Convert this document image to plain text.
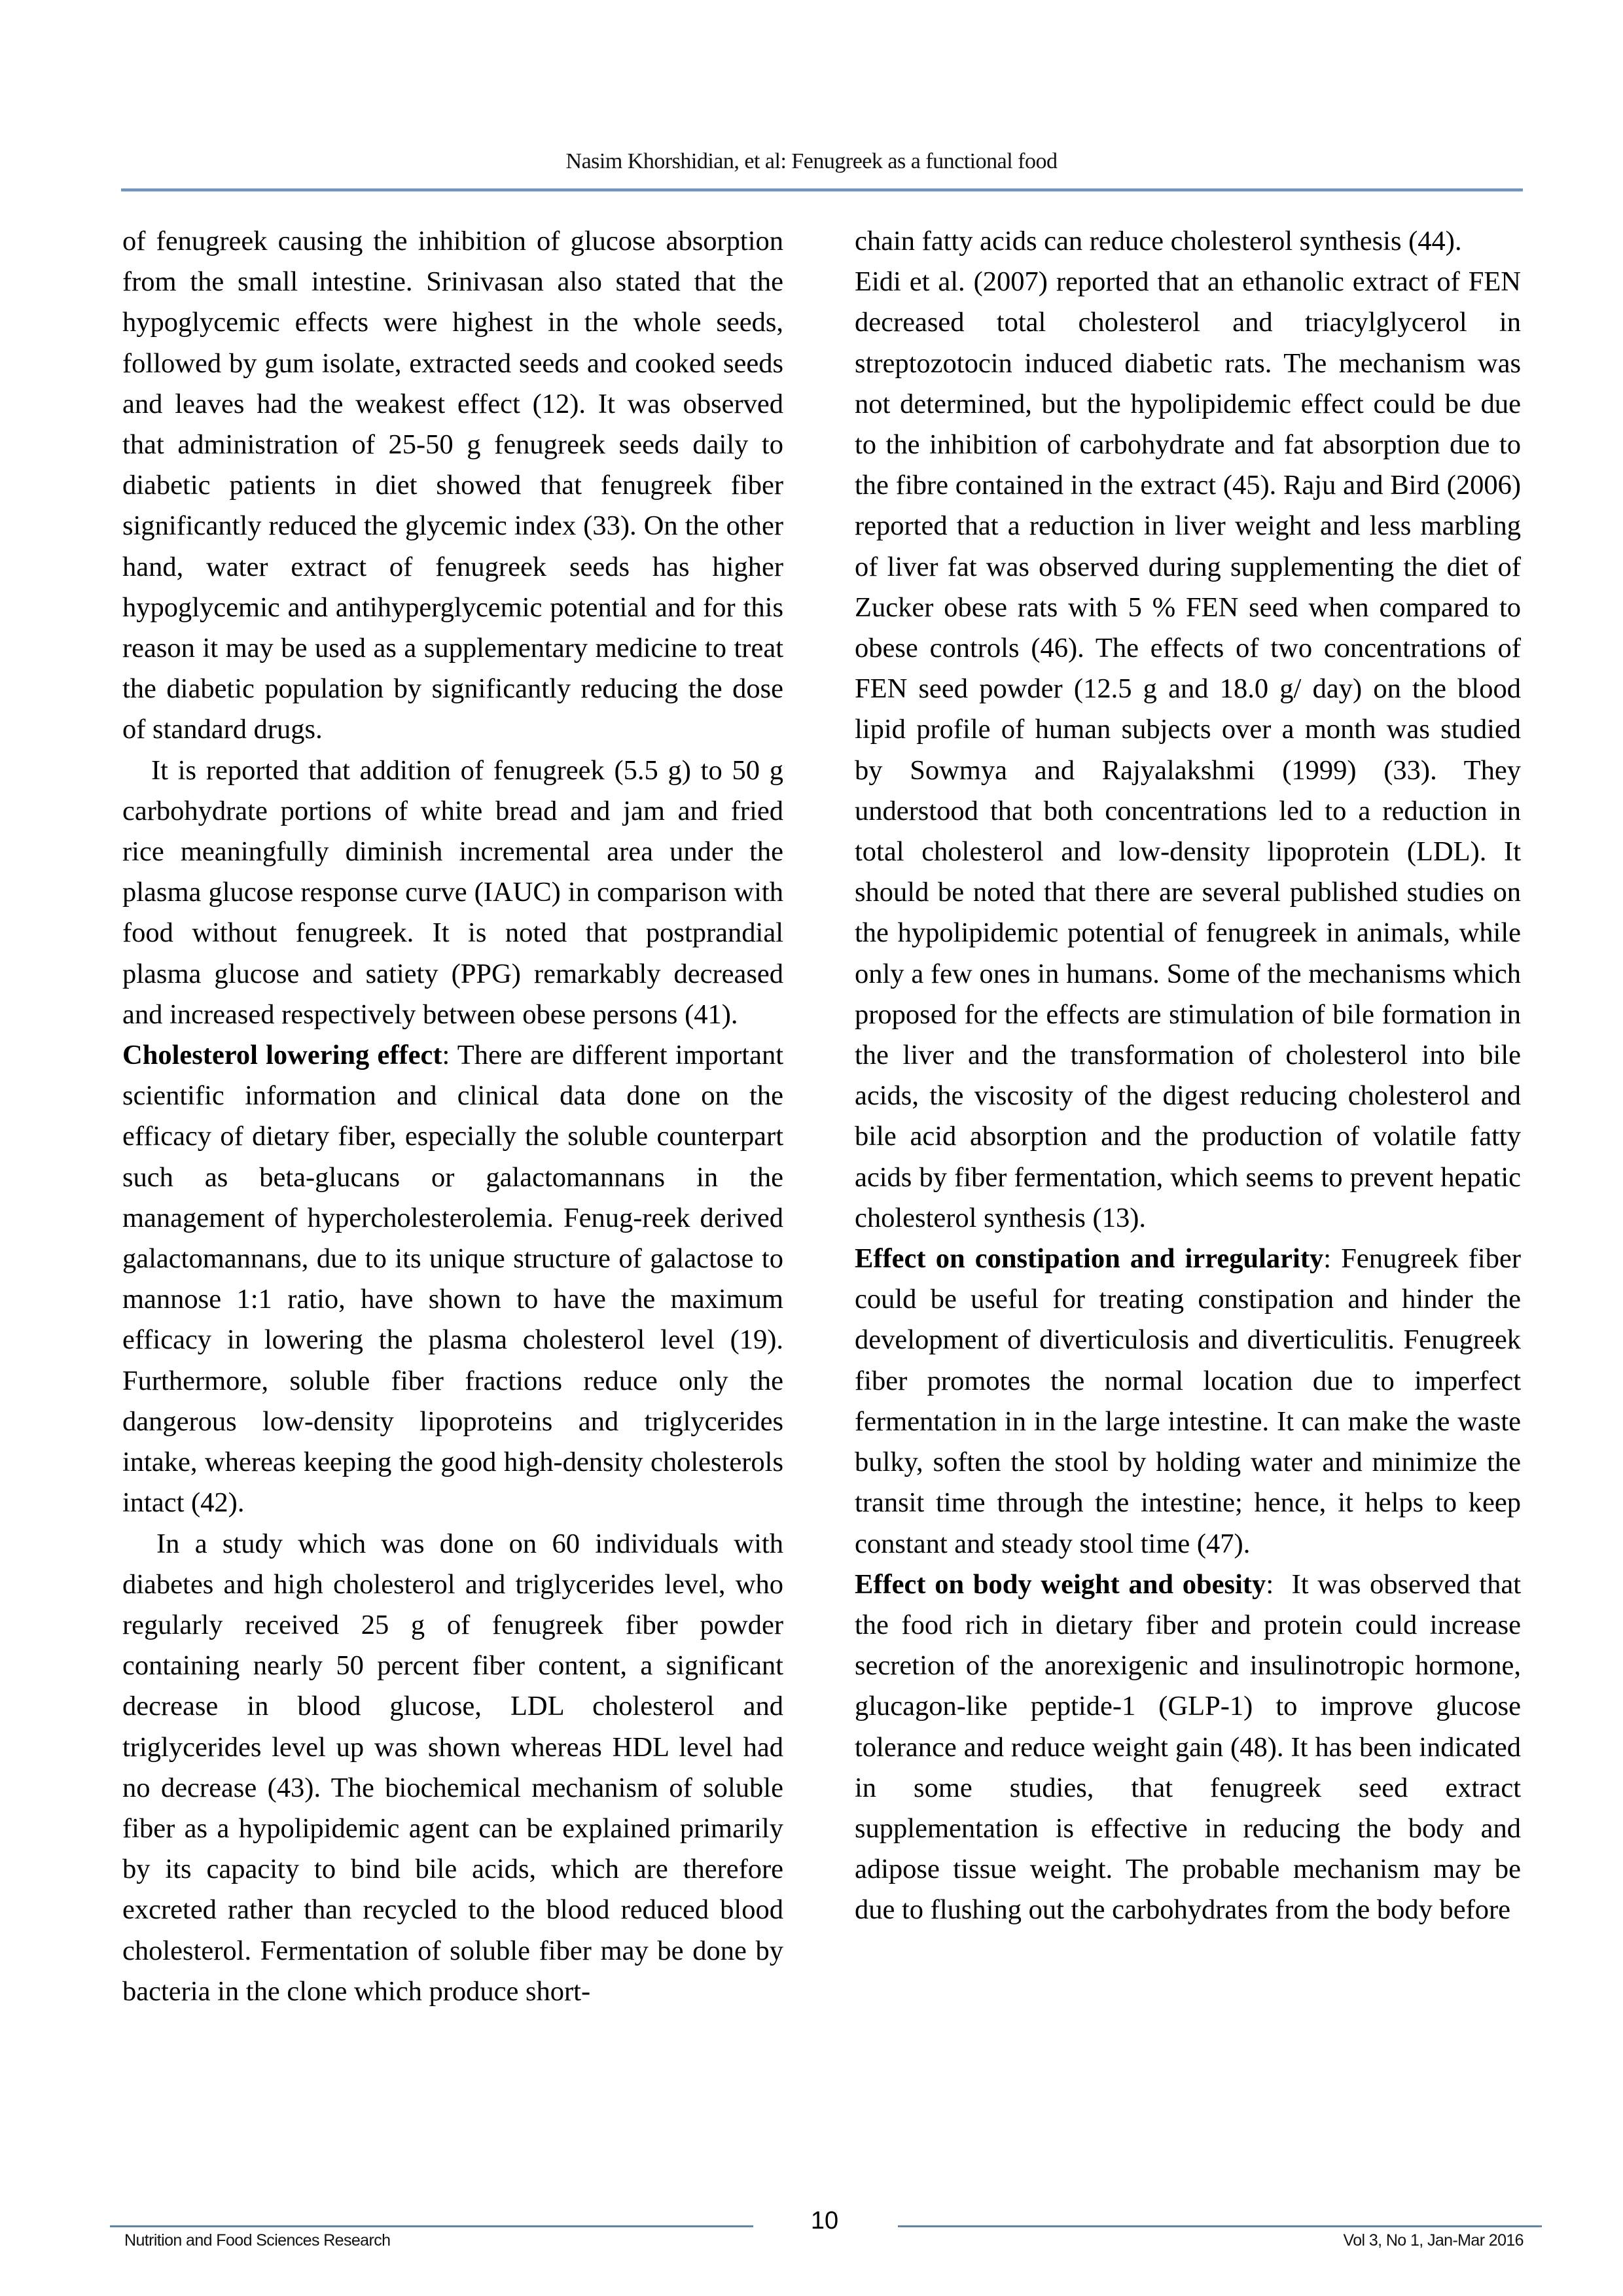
Nasim Khorshidian, et al: Fenugreek as a functional food

of fenugreek causing the inhibition of glucose absorption from the small intestine. Srinivasan also stated that the hypoglycemic effects were highest in the whole seeds, followed by gum isolate, extracted seeds and cooked seeds and leaves had the weakest effect (12). It was observed that administration of 25-50 g fenugreek seeds daily to diabetic patients in diet showed that fenugreek fiber significantly reduced the glycemic index (33). On the other hand, water extract of fenugreek seeds has higher hypoglycemic and antihyperglycemic potential and for this reason it may be used as a supplementary medicine to treat the diabetic population by significantly reducing the dose of standard drugs.

It is reported that addition of fenugreek (5.5 g) to 50 g carbohydrate portions of white bread and jam and fried rice meaningfully diminish incremental area under the plasma glucose response curve (IAUC) in comparison with food without fenugreek. It is noted that postprandial plasma glucose and satiety (PPG) remarkably decreased and increased respectively between obese persons (41).

Cholesterol lowering effect: There are different important scientific information and clinical data done on the efficacy of dietary fiber, especially the soluble counterpart such as beta-glucans or galactomannans in the management of hypercholesterolemia. Fenug-reek derived galactomannans, due to its unique structure of galactose to mannose 1:1 ratio, have shown to have the maximum efficacy in lowering the plasma cholesterol level (19). Furthermore, soluble fiber fractions reduce only the dangerous low-density lipoproteins and triglycerides intake, whereas keeping the good high-density cholesterols intact (42).

In a study which was done on 60 individuals with diabetes and high cholesterol and triglycerides level, who regularly received 25 g of fenugreek fiber powder containing nearly 50 percent fiber content, a significant decrease in blood glucose, LDL cholesterol and triglycerides level up was shown whereas HDL level had no decrease (43). The biochemical mechanism of soluble fiber as a hypolipidemic agent can be explained primarily by its capacity to bind bile acids, which are therefore excreted rather than recycled to the blood reduced blood cholesterol. Fermentation of soluble fiber may be done by bacteria in the clone which produce short-

chain fatty acids can reduce cholesterol synthesis (44).

Eidi et al. (2007) reported that an ethanolic extract of FEN decreased total cholesterol and triacylglycerol in streptozotocin induced diabetic rats. The mechanism was not determined, but the hypolipidemic effect could be due to the inhibition of carbohydrate and fat absorption due to the fibre contained in the extract (45). Raju and Bird (2006) reported that a reduction in liver weight and less marbling of liver fat was observed during supplementing the diet of Zucker obese rats with 5 % FEN seed when compared to obese controls (46). The effects of two concentrations of FEN seed powder (12.5 g and 18.0 g/ day) on the blood lipid profile of human subjects over a month was studied by Sowmya and Rajyalakshmi (1999) (33). They understood that both concentrations led to a reduction in total cholesterol and low-density lipoprotein (LDL). It should be noted that there are several published studies on the hypolipidemic potential of fenugreek in animals, while only a few ones in humans. Some of the mechanisms which proposed for the effects are stimulation of bile formation in the liver and the transformation of cholesterol into bile acids, the viscosity of the digest reducing cholesterol and bile acid absorption and the production of volatile fatty acids by fiber fermentation, which seems to prevent hepatic cholesterol synthesis (13).

Effect on constipation and irregularity: Fenugreek fiber could be useful for treating constipation and hinder the development of diverticulosis and diverticulitis. Fenugreek fiber promotes the normal location due to imperfect fermentation in in the large intestine. It can make the waste bulky, soften the stool by holding water and minimize the transit time through the intestine; hence, it helps to keep constant and steady stool time (47).

Effect on body weight and obesity:  It was observed that the food rich in dietary fiber and protein could increase secretion of the anorexigenic and insulinotropic hormone, glucagon-like peptide-1 (GLP-1) to improve glucose tolerance and reduce weight gain (48). It has been indicated in some studies, that fenugreek seed extract supplementation is effective in reducing the body and adipose tissue weight. The probable mechanism may be due to flushing out the carbohydrates from the body before

10
Nutrition and Food Sciences Research	Vol 3, No 1, Jan-Mar 2016
